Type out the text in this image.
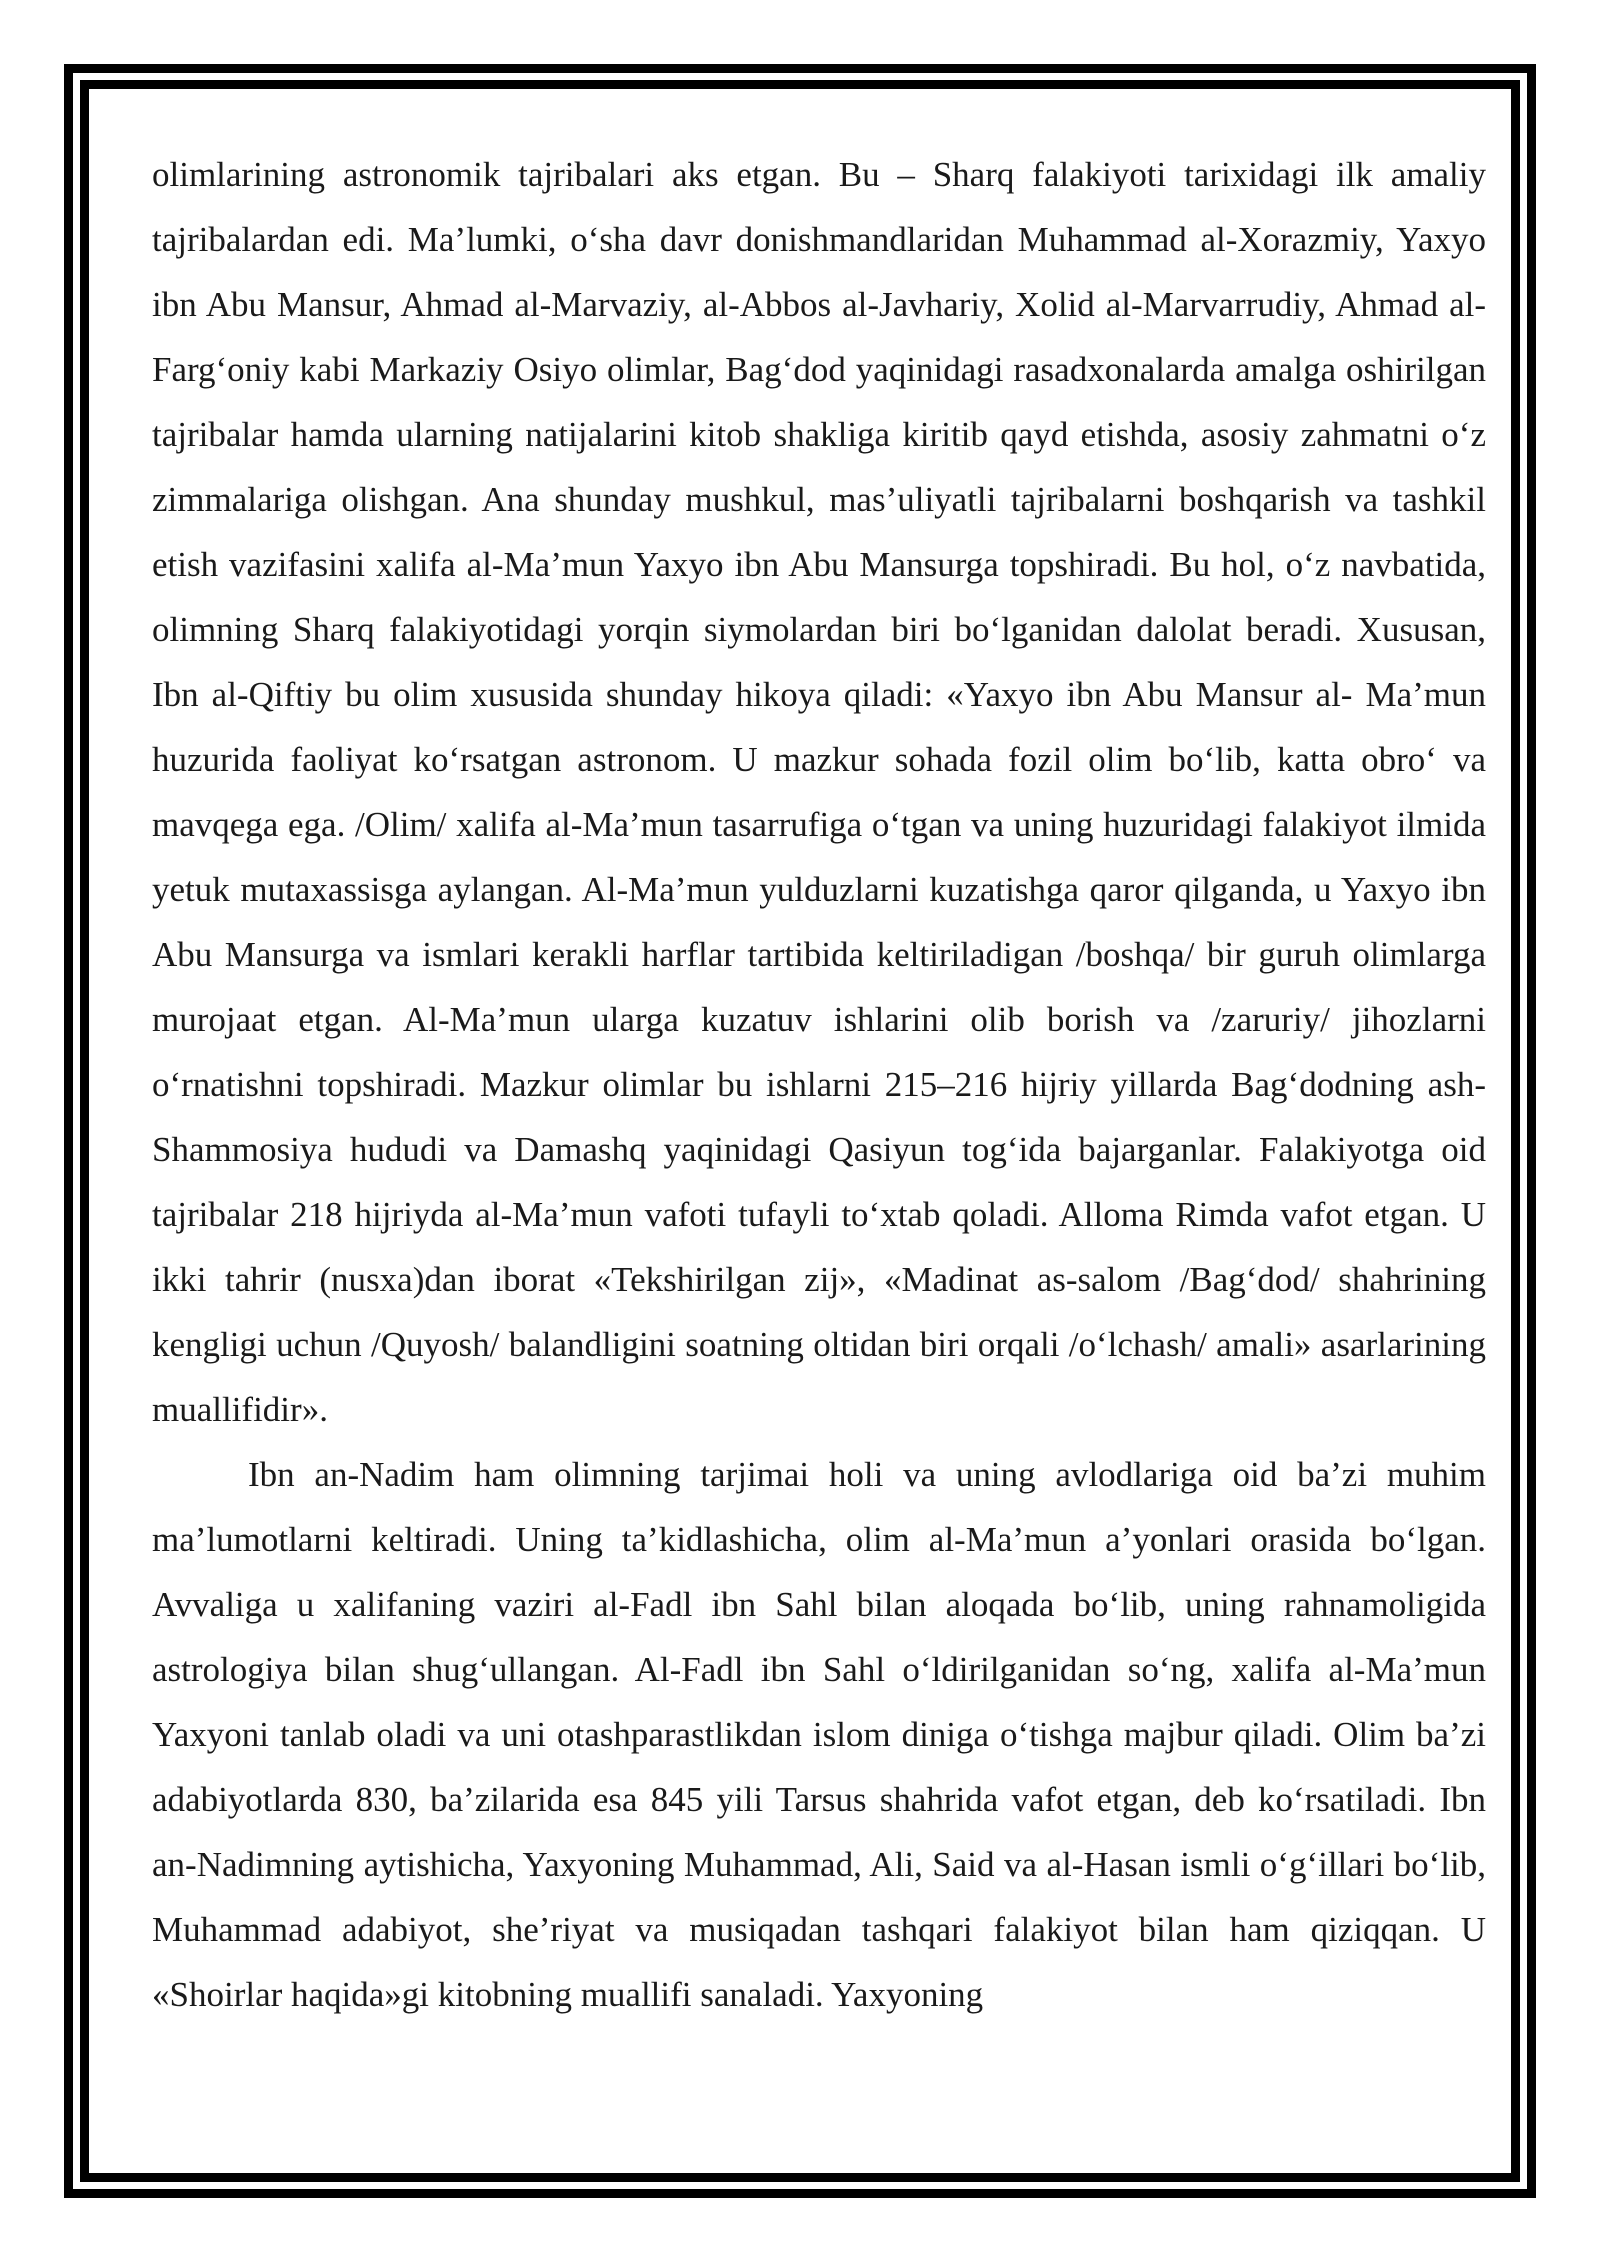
olimlarining astronomik tajribalari aks etgan. Bu – Sharq falakiyoti tarixidagi ilk amaliy tajribalardan edi. Ma’lumki, o‘sha davr donishmandlaridan Muhammad al-Xorazmiy, Yaxyo ibn Abu Mansur, Ahmad al-Marvaziy, al-Abbos al-Javhariy, Xolid al-Marvarrudiy, Ahmad al-Farg‘oniy kabi Markaziy Osiyo olimlar, Bag‘dod yaqinidagi rasadxonalarda amalga oshirilgan tajribalar hamda ularning natijalarini kitob shakliga kiritib qayd etishda, asosiy zahmatni o‘z zimmalariga olishgan. Ana shunday mushkul, mas’uliyatli tajribalarni boshqarish va tashkil etish vazifasini xalifa al-Ma’mun Yaxyo ibn Abu Mansurga topshiradi. Bu hol, o‘z navbatida, olimning Sharq falakiyotidagi yorqin siymolardan biri bo‘lganidan dalolat beradi. Xususan, Ibn al-Qiftiy bu olim xususida shunday hikoya qiladi: «Yaxyo ibn Abu Mansur al- Ma’mun huzurida faoliyat ko‘rsatgan astronom. U mazkur sohada fozil olim bo‘lib, katta obro‘ va mavqega ega. /Olim/ xalifa al-Ma’mun tasarrufiga o‘tgan va uning huzuridagi falakiyot ilmida yetuk mutaxassisga aylangan. Al-Ma’mun yulduzlarni kuzatishga qaror qilganda, u Yaxyo ibn Abu Mansurga va ismlari kerakli harflar tartibida keltiriladigan /boshqa/ bir guruh olimlarga murojaat etgan. Al-Ma’mun ularga kuzatuv ishlarini olib borish va /zaruriy/ jihozlarni o‘rnatishni topshiradi. Mazkur olimlar bu ishlarni 215–216 hijriy yillarda Bag‘dodning ash-Shammosiya hududi va Damashq yaqinidagi Qasiyun tog‘ida bajarganlar. Falakiyotga oid tajribalar 218 hijriyda al-Ma’mun vafoti tufayli to‘xtab qoladi. Alloma Rimda vafot etgan. U ikki tahrir (nusxa)dan iborat «Tekshirilgan zij», «Madinat as-salom /Bag‘dod/ shahrining kengligi uchun /Quyosh/ balandligini soatning oltidan biri orqali /o‘lchash/ amali» asarlarining muallifidir».

Ibn an-Nadim ham olimning tarjimai holi va uning avlodlariga oid ba’zi muhim ma’lumotlarni keltiradi. Uning ta’kidlashicha, olim al-Ma’mun a’yonlari orasida bo‘lgan. Avvaliga u xalifaning vaziri al-Fadl ibn Sahl bilan aloqada bo‘lib, uning rahnamoligida astrologiya bilan shug‘ullangan. Al-Fadl ibn Sahl o‘ldirilganidan so‘ng, xalifa al-Ma’mun Yaxyoni tanlab oladi va uni otashparastlikdan islom diniga o‘tishga majbur qiladi. Olim ba’zi adabiyotlarda 830, ba’zilarida esa 845 yili Tarsus shahrida vafot etgan, deb ko‘rsatiladi. Ibn an-Nadimning aytishicha, Yaxyoning Muhammad, Ali, Said va al-Hasan ismli o‘g‘illari bo‘lib, Muhammad adabiyot, she’riyat va musiqadan tashqari falakiyot bilan ham qiziqqan. U «Shoirlar haqida»gi kitobning muallifi sanaladi. Yaxyoning
